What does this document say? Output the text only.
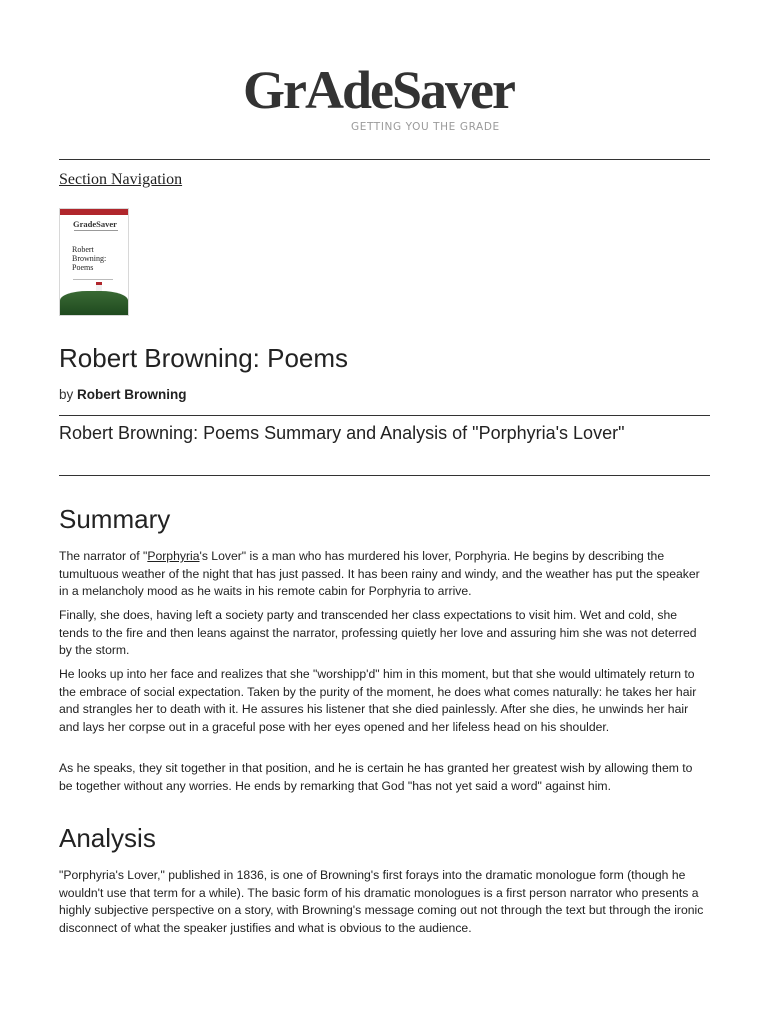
GrAdeSaver
GETTING YOU THE GRADE
Section Navigation
GradeSaver
Robert Browning: Poems
Robert Browning: Poems
by Robert Browning
Robert Browning: Poems Summary and Analysis of "Porphyria's Lover"
Summary

The narrator of "Porphyria's Lover" is a man who has murdered his lover, Porphyria. He begins by describing the tumultuous weather of the night that has just passed. It has been rainy and windy, and the weather has put the speaker in a melancholy mood as he waits in his remote cabin for Porphyria to arrive.

Finally, she does, having left a society party and transcended her class expectations to visit him. Wet and cold, she tends to the fire and then leans against the narrator, professing quietly her love and assuring him she was not deterred by the storm.

He looks up into her face and realizes that she "worshipp'd" him in this moment, but that she would ultimately return to the embrace of social expectation. Taken by the purity of the moment, he does what comes naturally: he takes her hair and strangles her to death with it. He assures his listener that she died painlessly. After she dies, he unwinds her hair and lays her corpse out in a graceful pose with her eyes opened and her lifeless head on his shoulder.

As he speaks, they sit together in that position, and he is certain he has granted her greatest wish by allowing them to be together without any worries. He ends by remarking that God "has not yet said a word" against him.

Analysis

"Porphyria's Lover," published in 1836, is one of Browning's first forays into the dramatic monologue form (though he wouldn't use that term for a while). The basic form of his dramatic monologues is a first person narrator who presents a highly subjective perspective on a story, with Browning's message coming out not through the text but through the ironic disconnect of what the speaker justifies and what is obvious to the audience.
